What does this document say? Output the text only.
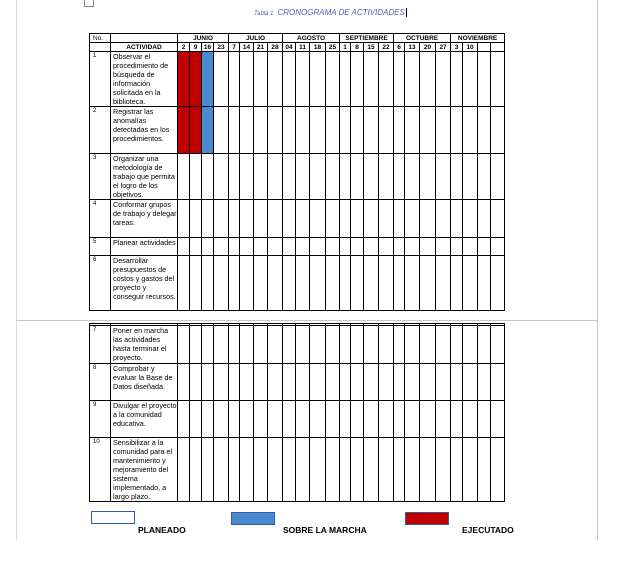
Tabla 1 CRONOGRAMA DE ACTIVIDADES
No.		JUNIO				JULIO				AGOSTO				SEPTIEMBRE				OCTUBRE				NOVIEMBRE			
	ACTIVIDAD	2	9	16	23	7	14	21	28	04	11	18	25	1	8	15	22	6	13	20	27	3	10		
1	Observar el procedimiento de búsqueda de información solicitada en la biblioteca.																								
2	Registrar las anomalías detectadas en los procedimientos.																								
3	Organizar una metodología de trabajo que permita el logro de los objetivos.																								
4	Conformar grupos de trabajo y delegar tareas.																								
5	Planear actividades																								
6	Desarrollar presupuestos de costos y gastos del proyecto y conseguir recursos.																								

7	Poner en marcha las actividades hasta terminar el proyecto.																								
8	Comprobar y evaluar la Base de Datos diseñada.																								
9	Divulgar el proyecto a la comunidad educativa.																								
10	Sensibilizar a la comunidad para el mantenimiento y mejoramiento del sistema implementado, a largo plazo.																								
PLANEADO	SOBRE LA MARCHA	EJECUTADO
